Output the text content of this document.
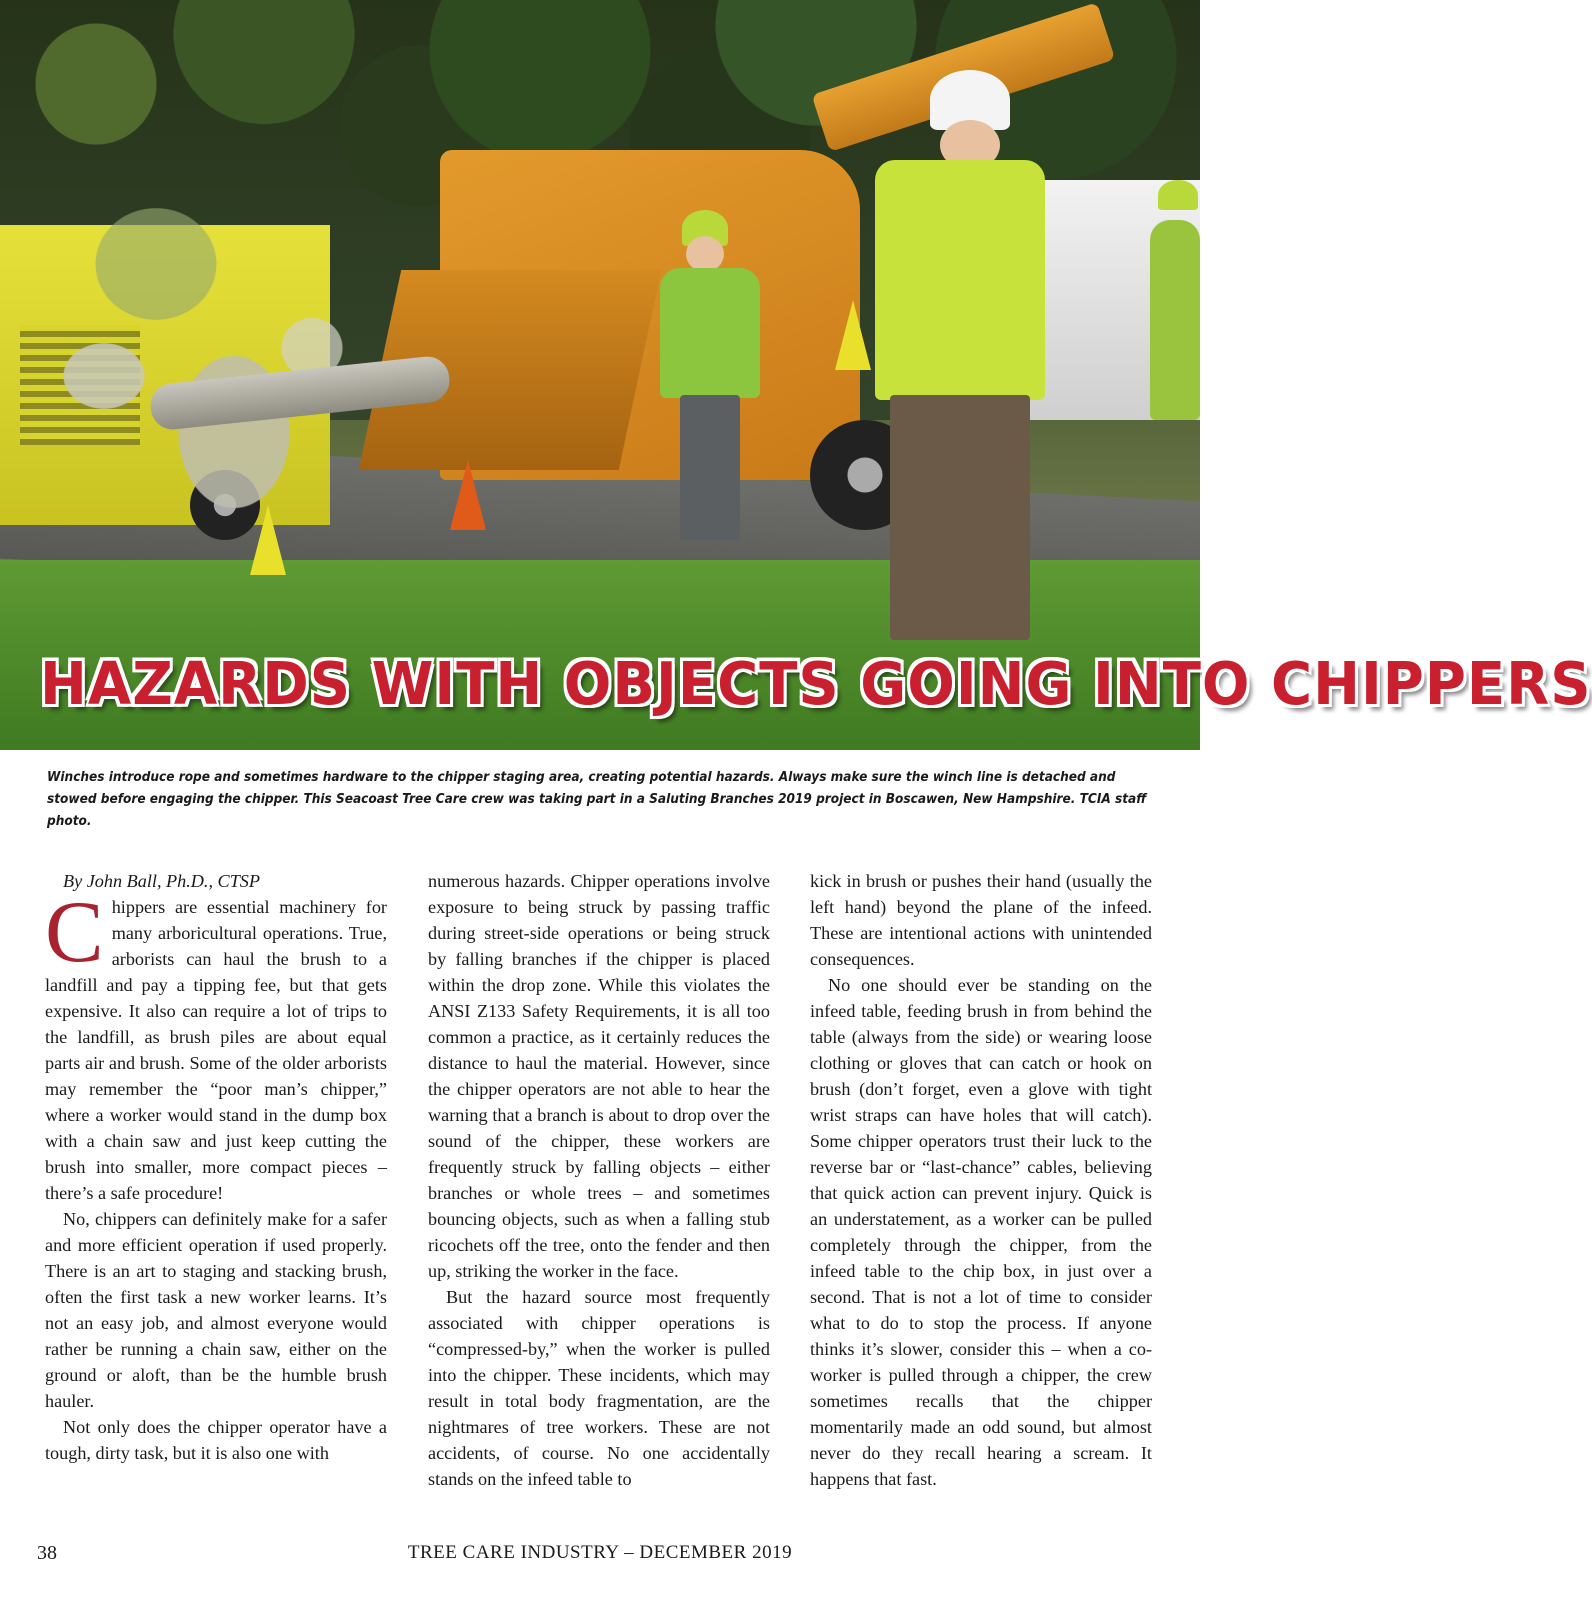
HAZARDS WITH OBJECTS GOING INTO CHIPPERS

Winches introduce rope and sometimes hardware to the chipper staging area, creating potential hazards. Always make sure the winch line is detached and stowed before engaging the chipper. This Seacoast Tree Care crew was taking part in a Saluting Branches 2019 project in Boscawen, New Hampshire. TCIA staff photo.

By John Ball, Ph.D., CTSP

Chippers are essential machinery for many arboricultural operations. True, arborists can haul the brush to a landfill and pay a tipping fee, but that gets expensive. It also can require a lot of trips to the landfill, as brush piles are about equal parts air and brush. Some of the older arborists may remember the “poor man’s chipper,” where a worker would stand in the dump box with a chain saw and just keep cutting the brush into smaller, more compact pieces – there’s a safe procedure!

No, chippers can definitely make for a safer and more efficient operation if used properly. There is an art to staging and stacking brush, often the first task a new worker learns. It’s not an easy job, and almost everyone would rather be running a chain saw, either on the ground or aloft, than be the humble brush hauler.

Not only does the chipper operator have a tough, dirty task, but it is also one with

numerous hazards. Chipper operations involve exposure to being struck by passing traffic during street-side operations or being struck by falling branches if the chipper is placed within the drop zone. While this violates the ANSI Z133 Safety Requirements, it is all too common a practice, as it certainly reduces the distance to haul the material. However, since the chipper operators are not able to hear the warning that a branch is about to drop over the sound of the chipper, these workers are frequently struck by falling objects – either branches or whole trees – and sometimes bouncing objects, such as when a falling stub ricochets off the tree, onto the fender and then up, striking the worker in the face.

But the hazard source most frequently associated with chipper operations is “compressed-by,” when the worker is pulled into the chipper. These incidents, which may result in total body fragmentation, are the nightmares of tree workers. These are not accidents, of course. No one accidentally stands on the infeed table to

kick in brush or pushes their hand (usually the left hand) beyond the plane of the infeed. These are intentional actions with unintended consequences.

No one should ever be standing on the infeed table, feeding brush in from behind the table (always from the side) or wearing loose clothing or gloves that can catch or hook on brush (don’t forget, even a glove with tight wrist straps can have holes that will catch). Some chipper operators trust their luck to the reverse bar or “last-chance” cables, believing that quick action can prevent injury. Quick is an understatement, as a worker can be pulled completely through the chipper, from the infeed table to the chip box, in just over a second. That is not a lot of time to consider what to do to stop the process. If anyone thinks it’s slower, consider this – when a co-worker is pulled through a chipper, the crew sometimes recalls that the chipper momentarily made an odd sound, but almost never do they recall hearing a scream. It happens that fast.

TREE CARE INDUSTRY – DECEMBER 2019
38
